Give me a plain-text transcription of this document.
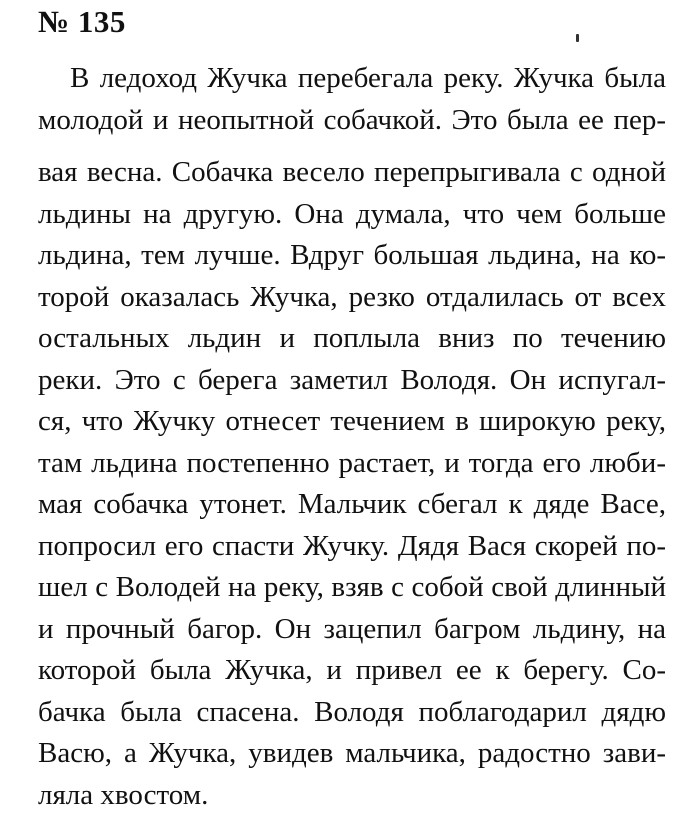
№ 135
В ледоход Жучка перебегала реку. Жучка была
молодой и неопытной собачкой. Это была ее пер-
вая весна. Собачка весело перепрыгивала с одной
льдины на другую. Она думала, что чем больше
льдина, тем лучше. Вдруг большая льдина, на ко-
торой оказалась Жучка, резко отдалилась от всех
остальных льдин и поплыла вниз по течению
реки. Это с берега заметил Володя. Он испугал-
ся, что Жучку отнесет течением в широкую реку,
там льдина постепенно растает, и тогда его люби-
мая собачка утонет. Мальчик сбегал к дяде Васе,
попросил его спасти Жучку. Дядя Вася скорей по-
шел с Володей на реку, взяв с собой свой длинный
и прочный багор. Он зацепил багром льдину, на
которой была Жучка, и привел ее к берегу. Со-
бачка была спасена. Володя поблагодарил дядю
Васю, а Жучка, увидев мальчика, радостно зави-
ляла хвостом.
